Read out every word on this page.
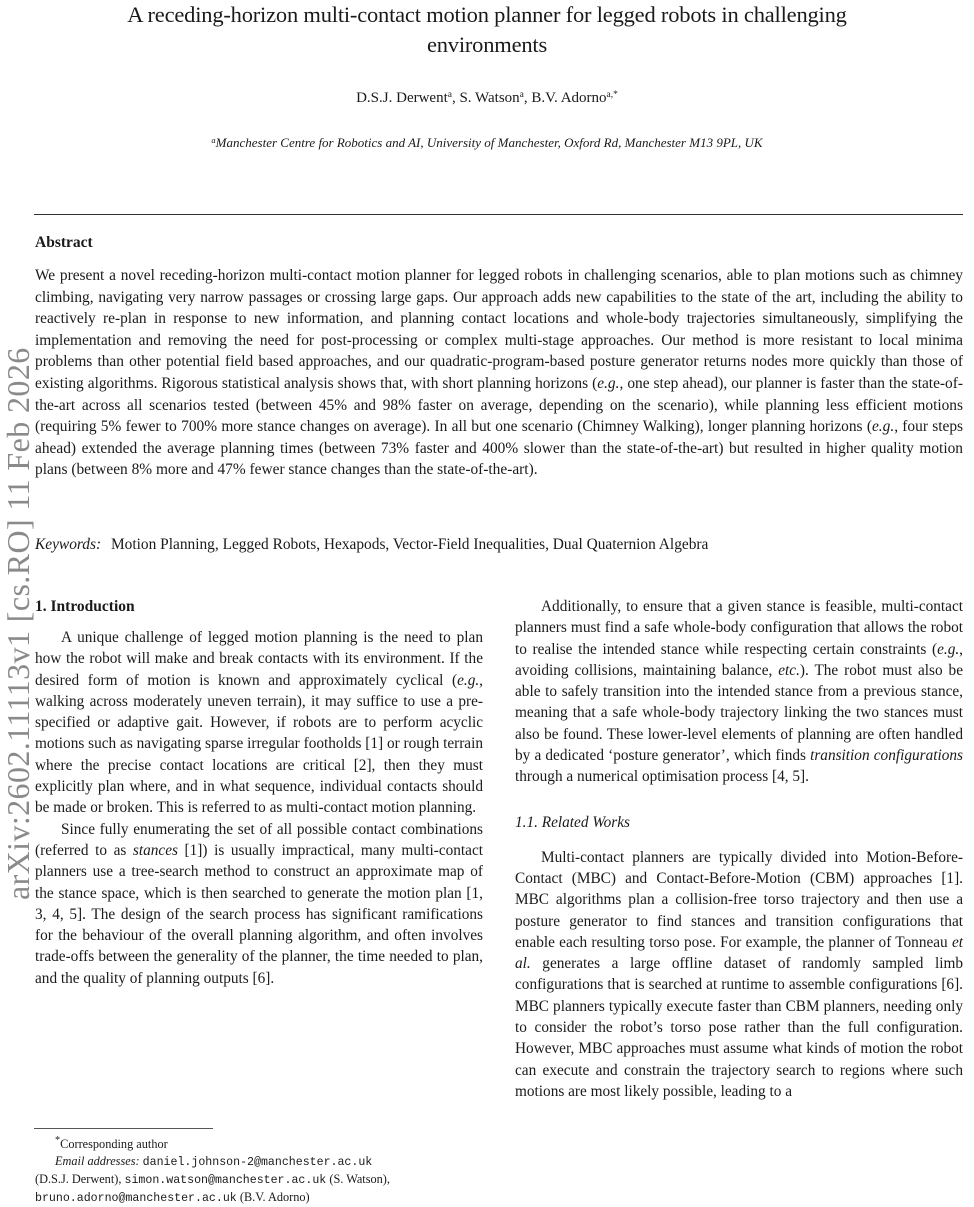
A receding-horizon multi-contact motion planner for legged robots in challenging
environments
D.S.J. Derwent$^a$, S. Watson$^a$, B.V. Adorno$^{a,*}$
$^a$Manchester Centre for Robotics and AI, University of Manchester, Oxford Rd, Manchester M13 9PL, UK
arXiv:2602.11113v1 [cs.RO] 11 Feb 2026
Abstract
We present a novel receding-horizon multi-contact motion planner for legged robots in challenging scenarios, able to plan motions such as chimney climbing, navigating very narrow passages or crossing large gaps. Our approach adds new capabilities to the state of the art, including the ability to reactively re-plan in response to new information, and planning contact locations and whole-body trajectories simultaneously, simplifying the implementation and removing the need for post-processing or complex multi-stage approaches. Our method is more resistant to local minima problems than other potential field based approaches, and our quadratic-program-based posture generator returns nodes more quickly than those of existing algorithms. Rigorous statistical analysis shows that, with short planning horizons (e.g., one step ahead), our planner is faster than the state-of-the-art across all scenarios tested (between 45% and 98% faster on average, depending on the scenario), while planning less efficient motions (requiring 5% fewer to 700% more stance changes on average). In all but one scenario (Chimney Walking), longer planning horizons (e.g., four steps ahead) extended the average planning times (between 73% faster and 400% slower than the state-of-the-art) but resulted in higher quality motion plans (between 8% more and 47% fewer stance changes than the state-of-the-art).
Keywords: Motion Planning, Legged Robots, Hexapods, Vector-Field Inequalities, Dual Quaternion Algebra
1. Introduction

A unique challenge of legged motion planning is the need to plan how the robot will make and break contacts with its environment. If the desired form of motion is known and approximately cyclical (e.g., walking across moderately uneven terrain), it may suffice to use a pre-specified or adaptive gait. However, if robots are to perform acyclic motions such as navigating sparse irregular footholds [1] or rough terrain where the precise contact locations are critical [2], then they must explicitly plan where, and in what sequence, individual contacts should be made or broken. This is referred to as multi-contact motion planning.

Since fully enumerating the set of all possible contact combinations (referred to as stances [1]) is usually impractical, many multi-contact planners use a tree-search method to construct an approximate map of the stance space, which is then searched to generate the motion plan [1, 3, 4, 5]. The design of the search process has significant ramifications for the behaviour of the overall planning algorithm, and often involves trade-offs between the generality of the planner, the time needed to plan, and the quality of planning outputs [6].

Additionally, to ensure that a given stance is feasible, multi-contact planners must find a safe whole-body configuration that allows the robot to realise the intended stance while respecting certain constraints (e.g., avoiding collisions, maintaining balance, etc.). The robot must also be able to safely transition into the intended stance from a previous stance, meaning that a safe whole-body trajectory linking the two stances must also be found. These lower-level elements of planning are often handled by a dedicated ‘posture generator’, which finds transition configurations through a numerical optimisation process [4, 5].

1.1. Related Works

Multi-contact planners are typically divided into Motion-Before-Contact (MBC) and Contact-Before-Motion (CBM) approaches [1]. MBC algorithms plan a collision-free torso trajectory and then use a posture generator to find stances and transition configurations that enable each resulting torso pose. For example, the planner of Tonneau et al. generates a large offline dataset of randomly sampled limb configurations that is searched at runtime to assemble configurations [6]. MBC planners typically execute faster than CBM planners, needing only to consider the robot’s torso pose rather than the full configuration. However, MBC approaches must assume what kinds of motion the robot can execute and constrain the trajectory search to regions where such motions are most likely possible, leading to a

*Corresponding author
Email addresses: daniel.johnson-2@manchester.ac.uk
(D.S.J. Derwent), simon.watson@manchester.ac.uk (S. Watson),
bruno.adorno@manchester.ac.uk (B.V. Adorno)
